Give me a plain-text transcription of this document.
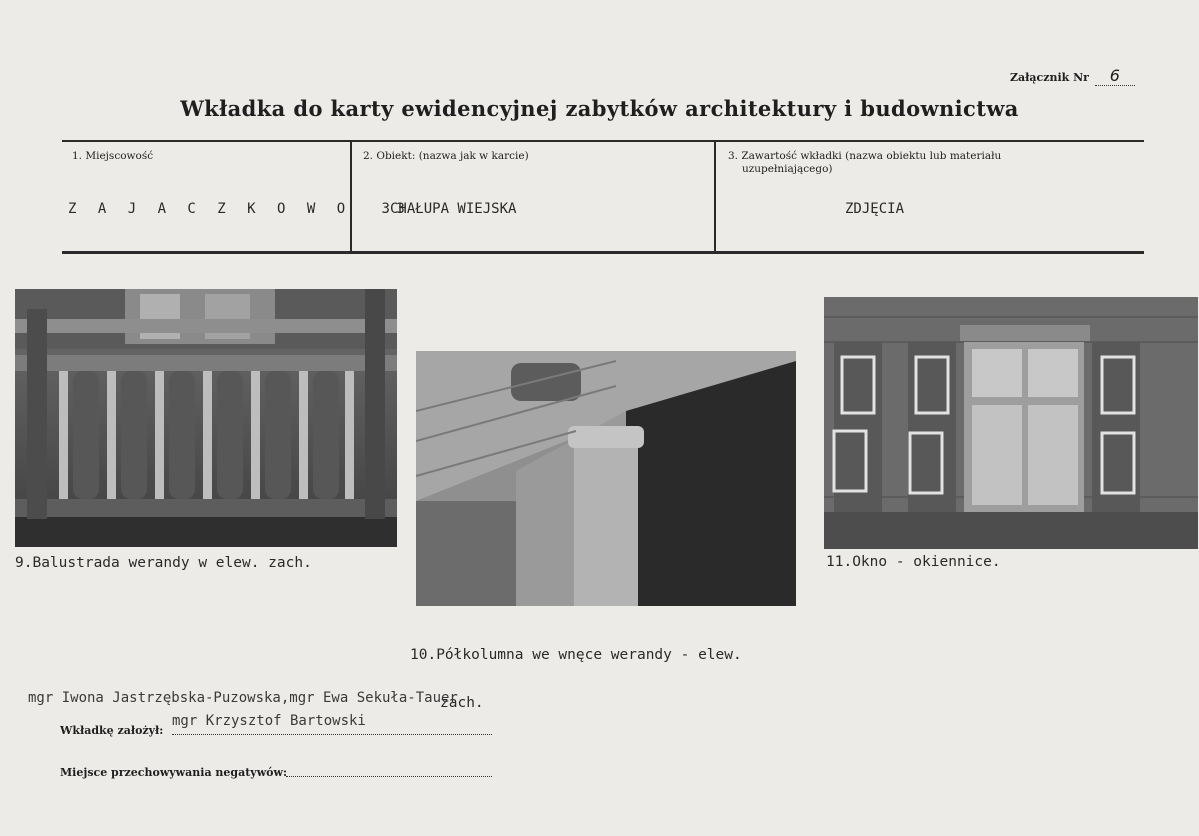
Załącznik Nr 6
Wkładka do karty ewidencyjnej zabytków architektury i budownictwa
1. Miejscowość
Z A J A C Z K O W O  33
2. Obiekt: (nazwa jak w karcie)
CHAŁUPA WIEJSKA
3. Zawartość wkładki (nazwa obiektu lub materiału
uzupełniającego)
ZDJĘCIA
9.Balustrada werandy w elew. zach.

10.Półkolumna we wnęce werandy - elew.

zach.

11.Okno - okiennice.
mgr Iwona Jastrzębska-Puzowska,mgr Ewa Sekuła-Tauer
Wkładkę założył:
mgr Krzysztof Bartowski
Miejsce przechowywania negatywów:
